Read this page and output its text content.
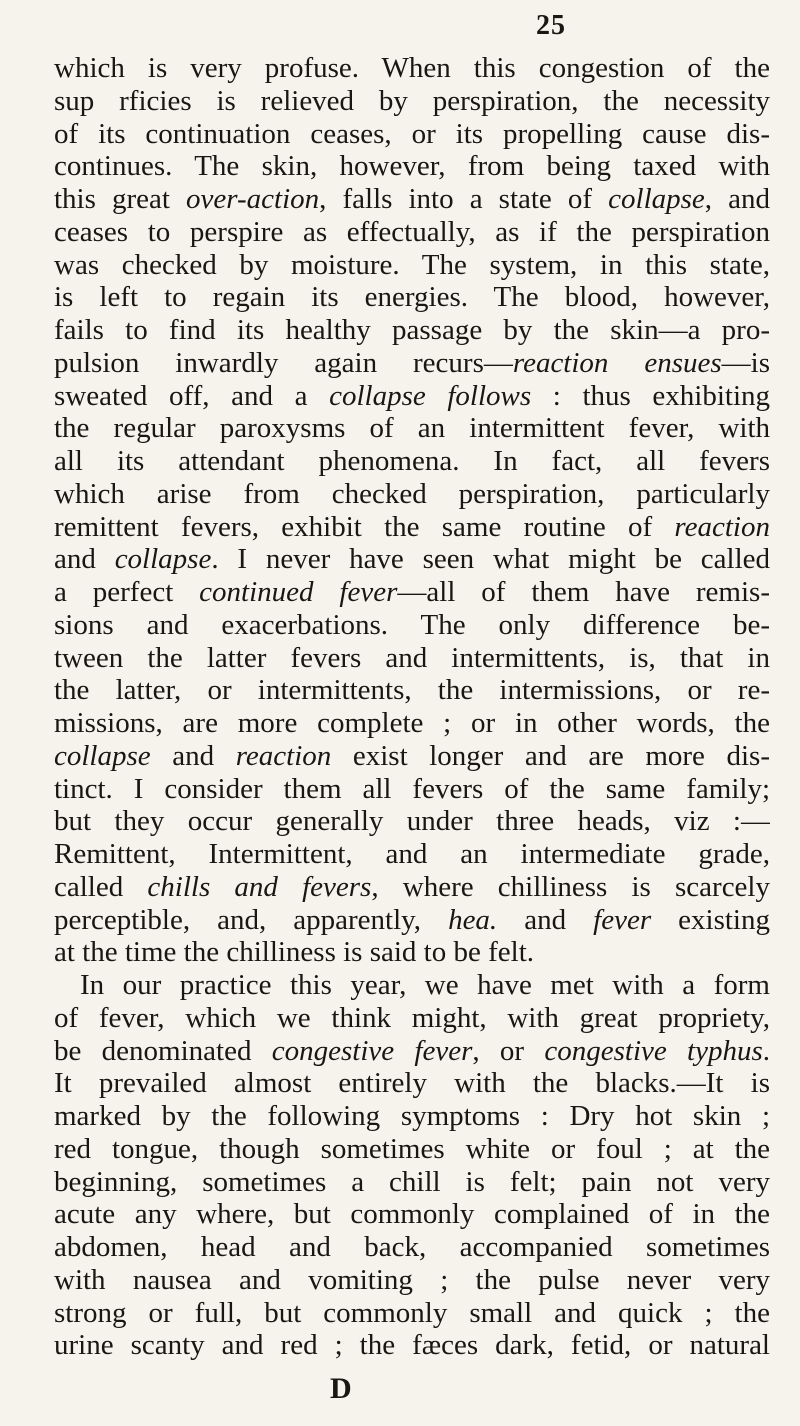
25
which is very profuse. When this congestion of the
sup rficies is relieved by perspiration, the necessity
of its continuation ceases, or its propelling cause dis-
continues. The skin, however, from being taxed with
this great over-action, falls into a state of collapse, and
ceases to perspire as effectually, as if the perspiration
was checked by moisture. The system, in this state,
is left to regain its energies. The blood, however,
fails to find its healthy passage by the skin—a pro-
pulsion inwardly again recurs—reaction ensues—is
sweated off, and a collapse follows : thus exhibiting
the regular paroxysms of an intermittent fever, with
all its attendant phenomena. In fact, all fevers
which arise from checked perspiration, particularly
remittent fevers, exhibit the same routine of reaction
and collapse. I never have seen what might be called
a perfect continued fever—all of them have remis-
sions and exacerbations. The only difference be-
tween the latter fevers and intermittents, is, that in
the latter, or intermittents, the intermissions, or re-
missions, are more complete ; or in other words, the
collapse and reaction exist longer and are more dis-
tinct. I consider them all fevers of the same family;
but they occur generally under three heads, viz :—
Remittent, Intermittent, and an intermediate grade,
called chills and fevers, where chilliness is scarcely
perceptible, and, apparently, hea. and fever existing
at the time the chilliness is said to be felt.
In our practice this year, we have met with a form
of fever, which we think might, with great propriety,
be denominated congestive fever, or congestive typhus.
It prevailed almost entirely with the blacks.—It is
marked by the following symptoms : Dry hot skin ;
red tongue, though sometimes white or foul ; at the
beginning, sometimes a chill is felt; pain not very
acute any where, but commonly complained of in the
abdomen, head and back, accompanied sometimes
with nausea and vomiting ; the pulse never very
strong or full, but commonly small and quick ; the
urine scanty and red ; the fæces dark, fetid, or natural
D
